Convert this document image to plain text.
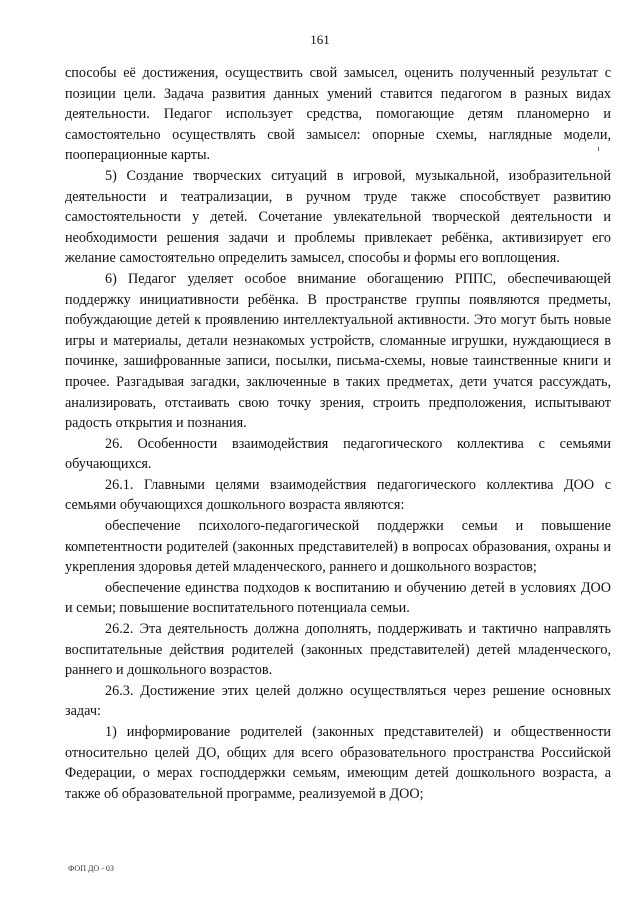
161

способы её достижения, осуществить свой замысел, оценить полученный результат с позиции цели. Задача развития данных умений ставится педагогом в разных видах деятельности. Педагог использует средства, помогающие детям планомерно и самостоятельно осуществлять свой замысел: опорные схемы, наглядные модели, пооперационные карты.

5) Создание творческих ситуаций в игровой, музыкальной, изобразительной деятельности и театрализации, в ручном труде также способствует развитию самостоятельности у детей. Сочетание увлекательной творческой деятельности и необходимости решения задачи и проблемы привлекает ребёнка, активизирует его желание самостоятельно определить замысел, способы и формы его воплощения.

6) Педагог уделяет особое внимание обогащению РППС, обеспечивающей поддержку инициативности ребёнка. В пространстве группы появляются предметы, побуждающие детей к проявлению интеллектуальной активности. Это могут быть новые игры и материалы, детали незнакомых устройств, сломанные игрушки, нуждающиеся в починке, зашифрованные записи, посылки, письма-схемы, новые таинственные книги и прочее. Разгадывая загадки, заключенные в таких предметах, дети учатся рассуждать, анализировать, отстаивать свою точку зрения, строить предположения, испытывают радость открытия и познания.

26. Особенности взаимодействия педагогического коллектива с семьями обучающихся.

26.1. Главными целями взаимодействия педагогического коллектива ДОО с семьями обучающихся дошкольного возраста являются:

обеспечение психолого-педагогической поддержки семьи и повышение компетентности родителей (законных представителей) в вопросах образования, охраны и укрепления здоровья детей младенческого, раннего и дошкольного возрастов;

обеспечение единства подходов к воспитанию и обучению детей в условиях ДОО и семьи; повышение воспитательного потенциала семьи.

26.2. Эта деятельность должна дополнять, поддерживать и тактично направлять воспитательные действия родителей (законных представителей) детей младенческого, раннего и дошкольного возрастов.

26.3. Достижение этих целей должно осуществляться через решение основных задач:

1) информирование родителей (законных представителей) и общественности относительно целей ДО, общих для всего образовательного пространства Российской Федерации, о мерах господдержки семьям, имеющим детей дошкольного возраста, а также об образовательной программе, реализуемой в ДОО;

ФОП ДО - 03
